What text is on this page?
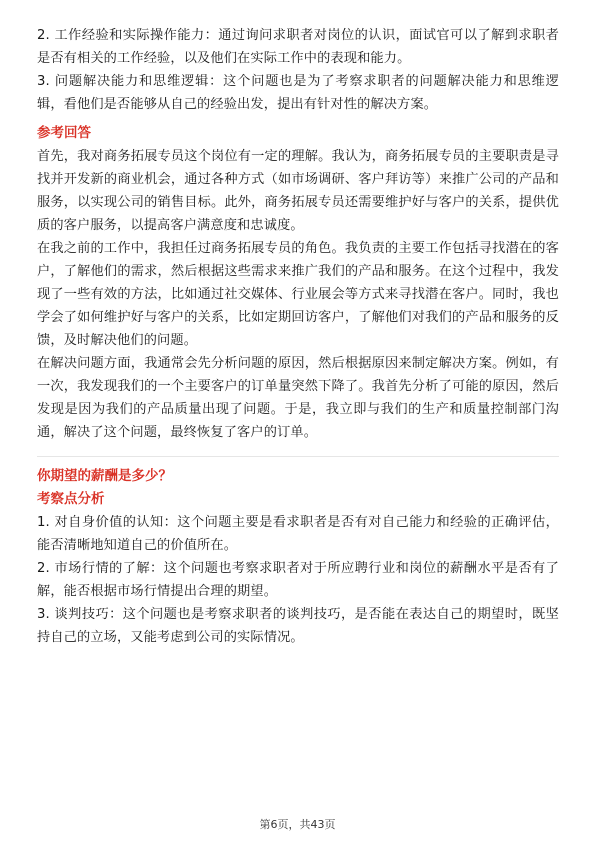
2. 工作经验和实际操作能力：通过询问求职者对岗位的认识，面试官可以了解到求职者是否有相关的工作经验，以及他们在实际工作中的表现和能力。

3. 问题解决能力和思维逻辑：这个问题也是为了考察求职者的问题解决能力和思维逻辑，看他们是否能够从自己的经验出发，提出有针对性的解决方案。

参考回答

首先，我对商务拓展专员这个岗位有一定的理解。我认为，商务拓展专员的主要职责是寻找并开发新的商业机会，通过各种方式（如市场调研、客户拜访等）来推广公司的产品和服务，以实现公司的销售目标。此外，商务拓展专员还需要维护好与客户的关系，提供优质的客户服务，以提高客户满意度和忠诚度。

在我之前的工作中，我担任过商务拓展专员的角色。我负责的主要工作包括寻找潜在的客户，了解他们的需求，然后根据这些需求来推广我们的产品和服务。在这个过程中，我发现了一些有效的方法，比如通过社交媒体、行业展会等方式来寻找潜在客户。同时，我也学会了如何维护好与客户的关系，比如定期回访客户，了解他们对我们的产品和服务的反馈，及时解决他们的问题。

在解决问题方面，我通常会先分析问题的原因，然后根据原因来制定解决方案。例如，有一次，我发现我们的一个主要客户的订单量突然下降了。我首先分析了可能的原因，然后发现是因为我们的产品质量出现了问题。于是，我立即与我们的生产和质量控制部门沟通，解决了这个问题，最终恢复了客户的订单。

你期望的薪酬是多少？

考察点分析

1. 对自身价值的认知：这个问题主要是看求职者是否有对自己能力和经验的正确评估，能否清晰地知道自己的价值所在。

2. 市场行情的了解：这个问题也考察求职者对于所应聘行业和岗位的薪酬水平是否有了解，能否根据市场行情提出合理的期望。

3. 谈判技巧：这个问题也是考察求职者的谈判技巧，是否能在表达自己的期望时，既坚持自己的立场，又能考虑到公司的实际情况。

第6页，共43页
